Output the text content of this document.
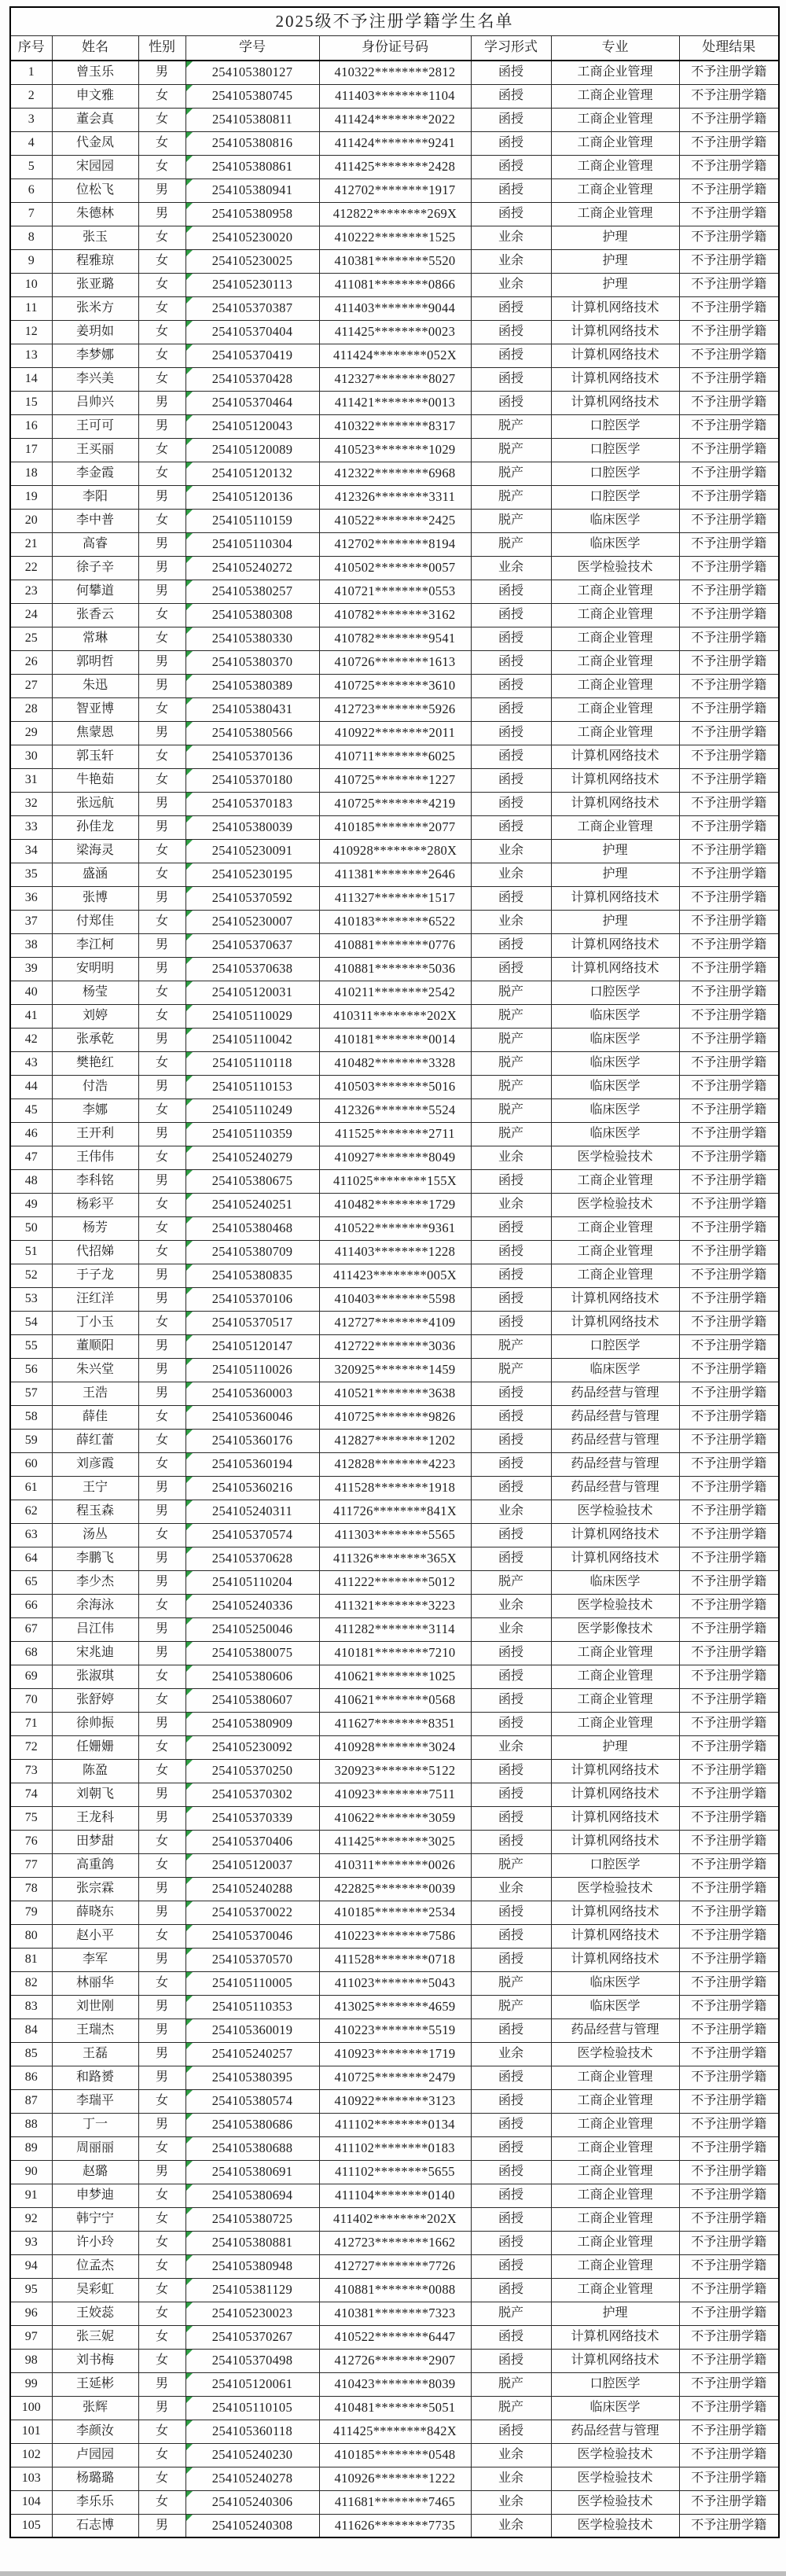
2025级不予注册学籍学生名单							
序号	姓名	性别	学号	身份证号码	学习形式	专业	处理结果
1	曾玉乐	男	254105380127	410322********2812	函授	工商企业管理	不予注册学籍
2	申文雅	女	254105380745	411403********1104	函授	工商企业管理	不予注册学籍
3	董会真	女	254105380811	411424********2022	函授	工商企业管理	不予注册学籍
4	代金凤	女	254105380816	411424********9241	函授	工商企业管理	不予注册学籍
5	宋园园	女	254105380861	411425********2428	函授	工商企业管理	不予注册学籍
6	位松飞	男	254105380941	412702********1917	函授	工商企业管理	不予注册学籍
7	朱德林	男	254105380958	412822********269X	函授	工商企业管理	不予注册学籍
8	张玉	女	254105230020	410222********1525	业余	护理	不予注册学籍
9	程雅琼	女	254105230025	410381********5520	业余	护理	不予注册学籍
10	张亚璐	女	254105230113	411081********0866	业余	护理	不予注册学籍
11	张米方	女	254105370387	411403********9044	函授	计算机网络技术	不予注册学籍
12	姜玥如	女	254105370404	411425********0023	函授	计算机网络技术	不予注册学籍
13	李梦娜	女	254105370419	411424********052X	函授	计算机网络技术	不予注册学籍
14	李兴美	女	254105370428	412327********8027	函授	计算机网络技术	不予注册学籍
15	吕帅兴	男	254105370464	411421********0013	函授	计算机网络技术	不予注册学籍
16	王可可	男	254105120043	410322********8317	脱产	口腔医学	不予注册学籍
17	王买丽	女	254105120089	410523********1029	脱产	口腔医学	不予注册学籍
18	李金霞	女	254105120132	412322********6968	脱产	口腔医学	不予注册学籍
19	李阳	男	254105120136	412326********3311	脱产	口腔医学	不予注册学籍
20	李中普	女	254105110159	410522********2425	脱产	临床医学	不予注册学籍
21	高睿	男	254105110304	412702********8194	脱产	临床医学	不予注册学籍
22	徐子辛	男	254105240272	410502********0057	业余	医学检验技术	不予注册学籍
23	何攀道	男	254105380257	410721********0553	函授	工商企业管理	不予注册学籍
24	张香云	女	254105380308	410782********3162	函授	工商企业管理	不予注册学籍
25	常琳	女	254105380330	410782********9541	函授	工商企业管理	不予注册学籍
26	郭明哲	男	254105380370	410726********1613	函授	工商企业管理	不予注册学籍
27	朱迅	男	254105380389	410725********3610	函授	工商企业管理	不予注册学籍
28	智亚博	女	254105380431	412723********5926	函授	工商企业管理	不予注册学籍
29	焦蒙恩	男	254105380566	410922********2011	函授	工商企业管理	不予注册学籍
30	郭玉轩	女	254105370136	410711********6025	函授	计算机网络技术	不予注册学籍
31	牛艳茹	女	254105370180	410725********1227	函授	计算机网络技术	不予注册学籍
32	张远航	男	254105370183	410725********4219	函授	计算机网络技术	不予注册学籍
33	孙佳龙	男	254105380039	410185********2077	函授	工商企业管理	不予注册学籍
34	梁海灵	女	254105230091	410928********280X	业余	护理	不予注册学籍
35	盛涵	女	254105230195	411381********2646	业余	护理	不予注册学籍
36	张博	男	254105370592	411327********1517	函授	计算机网络技术	不予注册学籍
37	付郑佳	女	254105230007	410183********6522	业余	护理	不予注册学籍
38	李江柯	男	254105370637	410881********0776	函授	计算机网络技术	不予注册学籍
39	安明明	男	254105370638	410881********5036	函授	计算机网络技术	不予注册学籍
40	杨莹	女	254105120031	410211********2542	脱产	口腔医学	不予注册学籍
41	刘婷	女	254105110029	410311********202X	脱产	临床医学	不予注册学籍
42	张承乾	男	254105110042	410181********0014	脱产	临床医学	不予注册学籍
43	樊艳红	女	254105110118	410482********3328	脱产	临床医学	不予注册学籍
44	付浩	男	254105110153	410503********5016	脱产	临床医学	不予注册学籍
45	李娜	女	254105110249	412326********5524	脱产	临床医学	不予注册学籍
46	王开利	男	254105110359	411525********2711	脱产	临床医学	不予注册学籍
47	王伟伟	女	254105240279	410927********8049	业余	医学检验技术	不予注册学籍
48	李科铭	男	254105380675	411025********155X	函授	工商企业管理	不予注册学籍
49	杨彩平	女	254105240251	410482********1729	业余	医学检验技术	不予注册学籍
50	杨芳	女	254105380468	410522********9361	函授	工商企业管理	不予注册学籍
51	代招娣	女	254105380709	411403********1228	函授	工商企业管理	不予注册学籍
52	于子龙	男	254105380835	411423********005X	函授	工商企业管理	不予注册学籍
53	汪红洋	男	254105370106	410403********5598	函授	计算机网络技术	不予注册学籍
54	丁小玉	女	254105370517	412727********4109	函授	计算机网络技术	不予注册学籍
55	董顺阳	男	254105120147	412722********3036	脱产	口腔医学	不予注册学籍
56	朱兴堂	男	254105110026	320925********1459	脱产	临床医学	不予注册学籍
57	王浩	男	254105360003	410521********3638	函授	药品经营与管理	不予注册学籍
58	薛佳	女	254105360046	410725********9826	函授	药品经营与管理	不予注册学籍
59	薛红蕾	女	254105360176	412827********1202	函授	药品经营与管理	不予注册学籍
60	刘彦霞	女	254105360194	412828********4223	函授	药品经营与管理	不予注册学籍
61	王宁	男	254105360216	411528********1918	函授	药品经营与管理	不予注册学籍
62	程玉森	男	254105240311	411726********841X	业余	医学检验技术	不予注册学籍
63	汤丛	女	254105370574	411303********5565	函授	计算机网络技术	不予注册学籍
64	李鹏飞	男	254105370628	411326********365X	函授	计算机网络技术	不予注册学籍
65	李少杰	男	254105110204	411222********5012	脱产	临床医学	不予注册学籍
66	余海泳	女	254105240336	411321********3223	业余	医学检验技术	不予注册学籍
67	吕江伟	男	254105250046	411282********3114	业余	医学影像技术	不予注册学籍
68	宋兆迪	男	254105380075	410181********7210	函授	工商企业管理	不予注册学籍
69	张淑琪	女	254105380606	410621********1025	函授	工商企业管理	不予注册学籍
70	张舒婷	女	254105380607	410621********0568	函授	工商企业管理	不予注册学籍
71	徐帅振	男	254105380909	411627********8351	函授	工商企业管理	不予注册学籍
72	任姗姗	女	254105230092	410928********3024	业余	护理	不予注册学籍
73	陈盈	女	254105370250	320923********5122	函授	计算机网络技术	不予注册学籍
74	刘朝飞	男	254105370302	410923********7511	函授	计算机网络技术	不予注册学籍
75	王龙科	男	254105370339	410622********3059	函授	计算机网络技术	不予注册学籍
76	田梦甜	女	254105370406	411425********3025	函授	计算机网络技术	不予注册学籍
77	高重鸽	女	254105120037	410311********0026	脱产	口腔医学	不予注册学籍
78	张宗霖	男	254105240288	422825********0039	业余	医学检验技术	不予注册学籍
79	薛晓东	男	254105370022	410185********2534	函授	计算机网络技术	不予注册学籍
80	赵小平	女	254105370046	410223********7586	函授	计算机网络技术	不予注册学籍
81	李军	男	254105370570	411528********0718	函授	计算机网络技术	不予注册学籍
82	林丽华	女	254105110005	411023********5043	脱产	临床医学	不予注册学籍
83	刘世刚	男	254105110353	413025********4659	脱产	临床医学	不予注册学籍
84	王瑞杰	男	254105360019	410223********5519	函授	药品经营与管理	不予注册学籍
85	王磊	男	254105240257	410923********1719	业余	医学检验技术	不予注册学籍
86	和路赟	男	254105380395	410725********2479	函授	工商企业管理	不予注册学籍
87	李瑞平	女	254105380574	410922********3123	函授	工商企业管理	不予注册学籍
88	丁一	男	254105380686	411102********0134	函授	工商企业管理	不予注册学籍
89	周丽丽	女	254105380688	411102********0183	函授	工商企业管理	不予注册学籍
90	赵璐	男	254105380691	411102********5655	函授	工商企业管理	不予注册学籍
91	申梦迪	女	254105380694	411104********0140	函授	工商企业管理	不予注册学籍
92	韩宁宁	女	254105380725	411402********202X	函授	工商企业管理	不予注册学籍
93	许小玲	女	254105380881	412723********1662	函授	工商企业管理	不予注册学籍
94	位孟杰	女	254105380948	412727********7726	函授	工商企业管理	不予注册学籍
95	吴彩虹	女	254105381129	410881********0088	函授	工商企业管理	不予注册学籍
96	王姣蕊	女	254105230023	410381********7323	脱产	护理	不予注册学籍
97	张三妮	女	254105370267	410522********6447	函授	计算机网络技术	不予注册学籍
98	刘书梅	女	254105370498	412726********2907	函授	计算机网络技术	不予注册学籍
99	王延彬	男	254105120061	410423********8039	脱产	口腔医学	不予注册学籍
100	张辉	男	254105110105	410481********5051	脱产	临床医学	不予注册学籍
101	李颜汝	女	254105360118	411425********842X	函授	药品经营与管理	不予注册学籍
102	卢园园	女	254105240230	410185********0548	业余	医学检验技术	不予注册学籍
103	杨璐璐	女	254105240278	410926********1222	业余	医学检验技术	不予注册学籍
104	李乐乐	女	254105240306	411681********7465	业余	医学检验技术	不予注册学籍
105	石志博	男	254105240308	411626********7735	业余	医学检验技术	不予注册学籍
